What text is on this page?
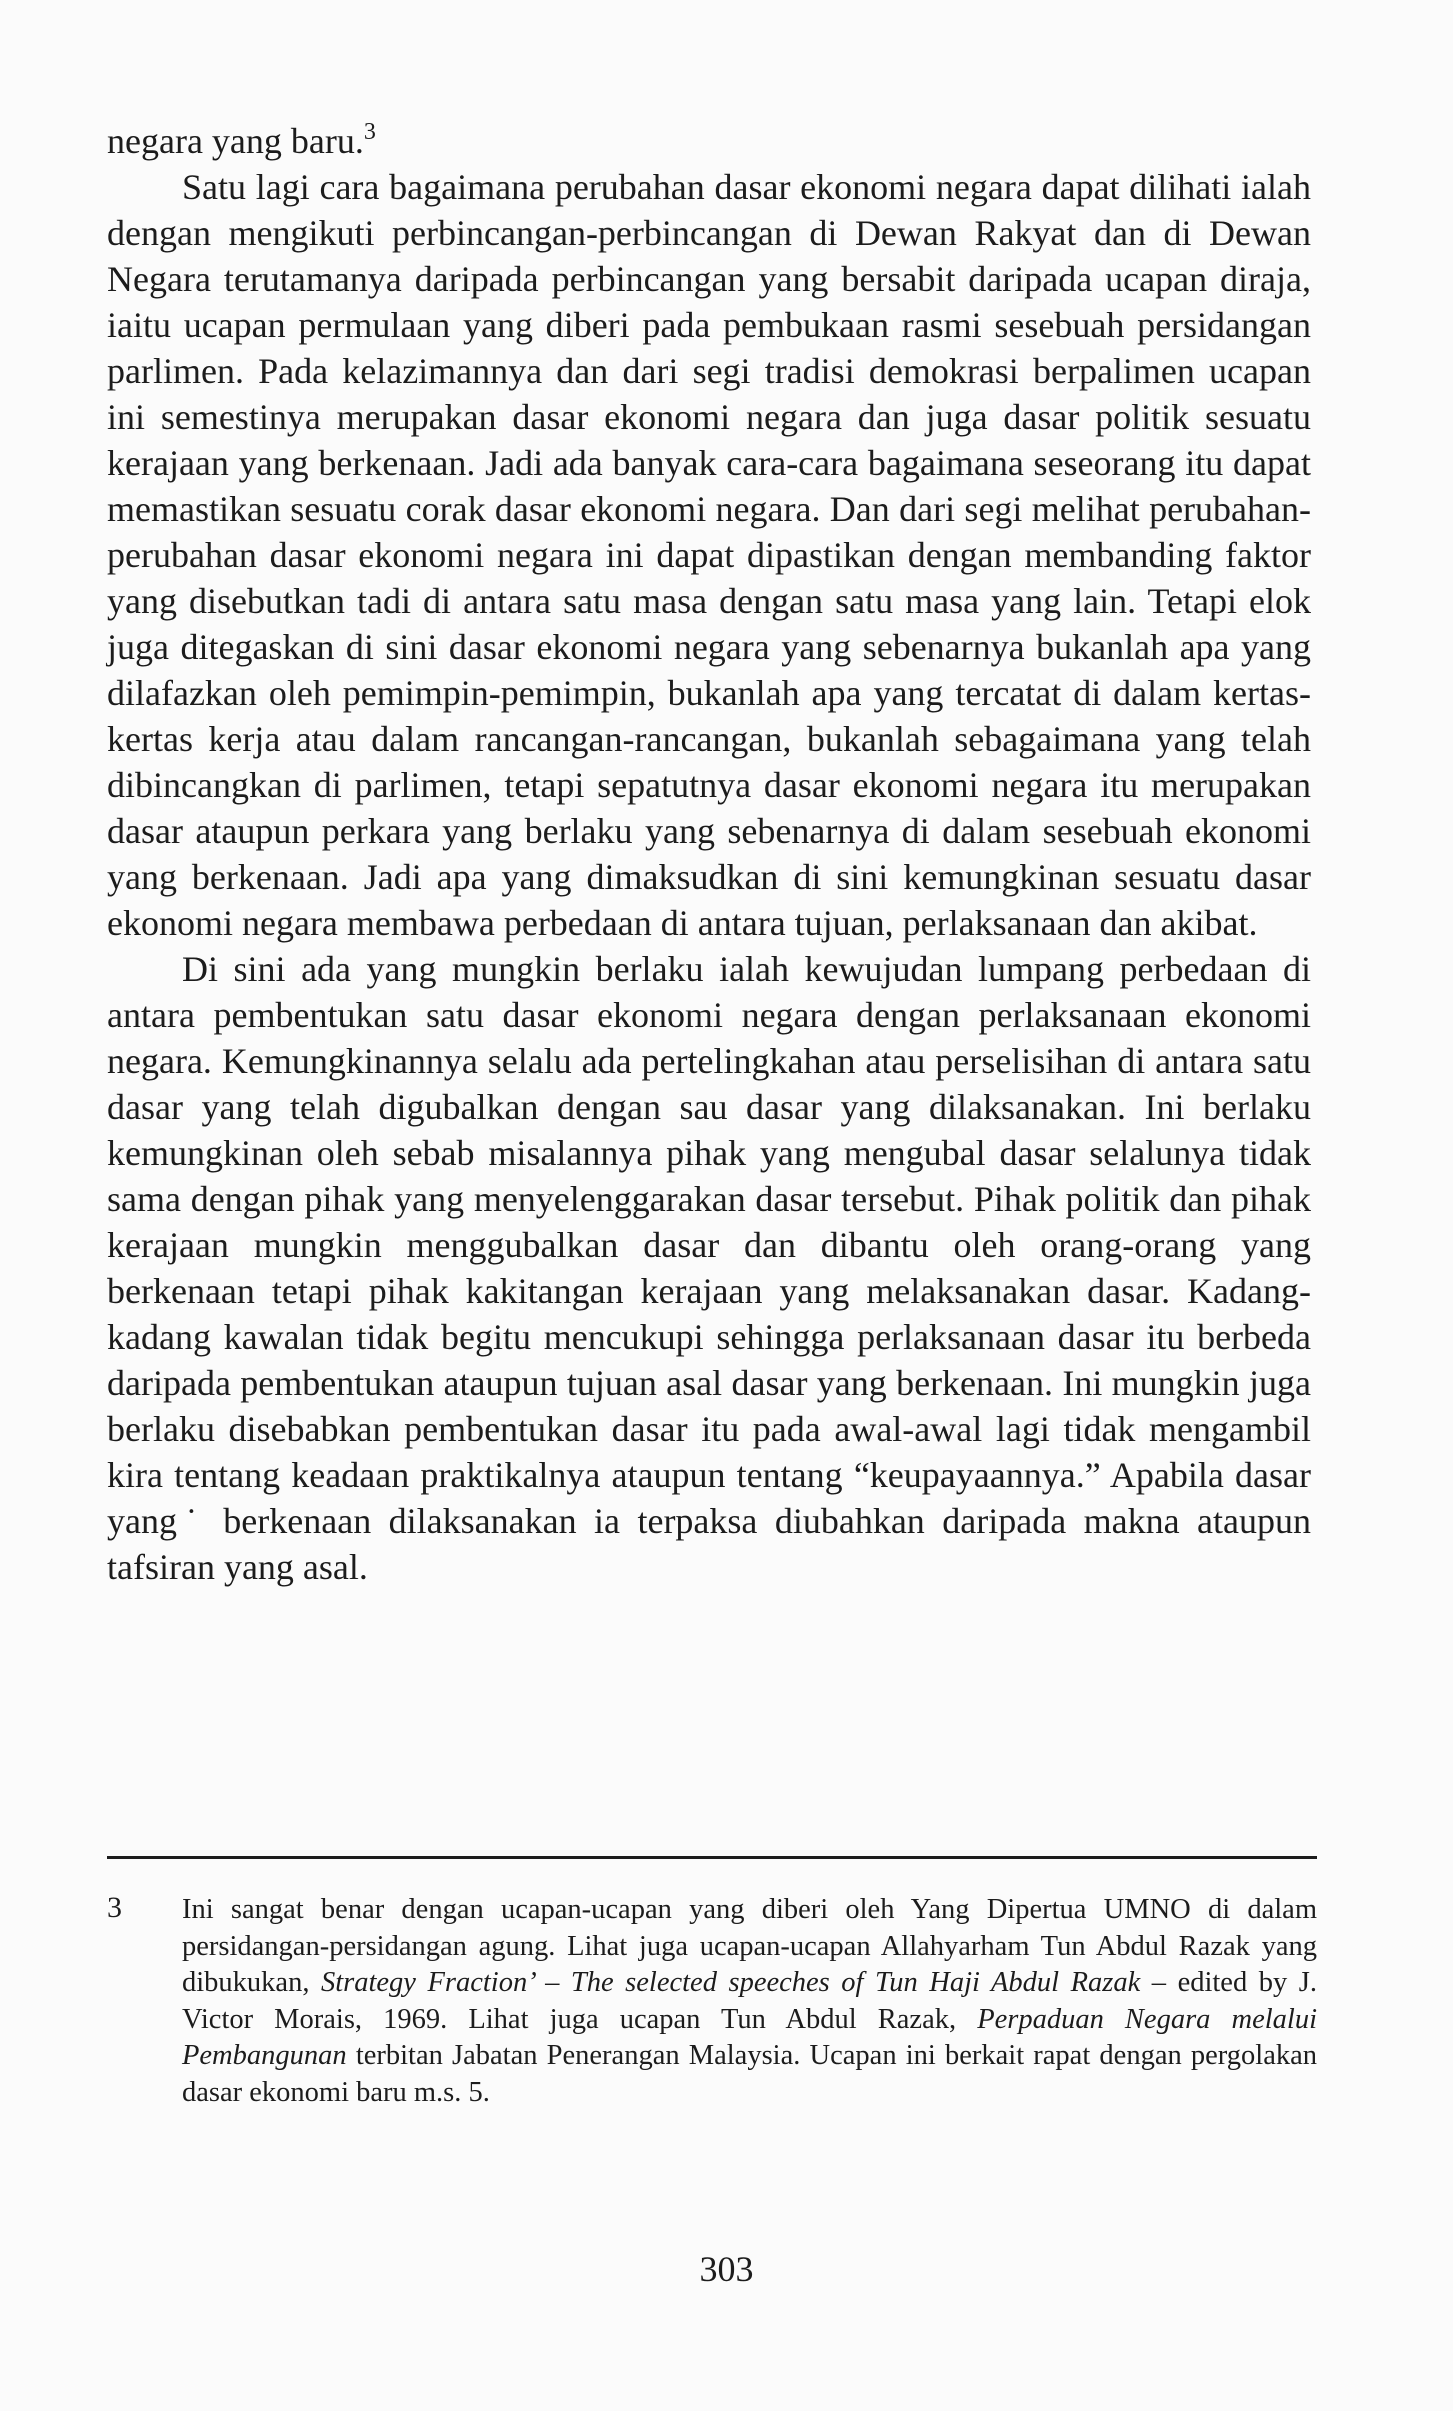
negara yang baru.$^3$

Satu lagi cara bagaimana perubahan dasar ekonomi negara dapat dilihati ialah dengan mengikuti perbincangan-perbincangan di Dewan Rakyat dan di Dewan Negara terutamanya daripada perbincangan yang bersabit daripada ucapan diraja, iaitu ucapan permulaan yang diberi pada pembukaan rasmi sesebuah persidangan parlimen. Pada kelazimannya dan dari segi tradisi demokrasi berpalimen ucapan ini semestinya merupakan dasar ekonomi negara dan juga dasar politik sesuatu kerajaan yang berkenaan. Jadi ada banyak cara-cara bagaimana seseorang itu dapat memastikan sesuatu corak dasar ekonomi negara. Dan dari segi melihat perubahan-perubahan dasar ekonomi negara ini dapat dipastikan dengan membanding faktor yang disebutkan tadi di antara satu masa dengan satu masa yang lain. Tetapi elok juga ditegaskan di sini dasar ekonomi negara yang sebenarnya bukanlah apa yang dilafazkan oleh pemimpin-pemimpin, bukanlah apa yang tercatat di dalam kertas-kertas kerja atau dalam rancangan-rancangan, bukanlah sebagaimana yang telah dibincangkan di parlimen, tetapi sepatutnya dasar ekonomi negara itu merupakan dasar ataupun perkara yang berlaku yang sebenarnya di dalam sesebuah ekonomi yang berkenaan. Jadi apa yang dimaksudkan di sini kemungkinan sesuatu dasar ekonomi negara membawa perbedaan di antara tujuan, perlaksanaan dan akibat.

Di sini ada yang mungkin berlaku ialah kewujudan lumpang perbedaan di antara pembentukan satu dasar ekonomi negara dengan perlaksanaan ekonomi negara. Kemungkinannya selalu ada pertelingkahan atau perselisihan di antara satu dasar yang telah digubalkan dengan sau dasar yang dilaksanakan. Ini berlaku kemungkinan oleh sebab misalannya pihak yang mengubal dasar selalunya tidak sama dengan pihak yang menyelenggarakan dasar tersebut. Pihak politik dan pihak kerajaan mungkin menggubalkan dasar dan dibantu oleh orang-orang yang berkenaan tetapi pihak kakitangan kerajaan yang melaksanakan dasar. Kadang-kadang kawalan tidak begitu mencukupi sehingga perlaksanaan dasar itu berbeda daripada pembentukan ataupun tujuan asal dasar yang berkenaan. Ini mungkin juga berlaku disebabkan pembentukan dasar itu pada awal-awal lagi tidak mengambil kira tentang keadaan praktikalnya ataupun tentang “keupayaannya.” Apabila dasar yang˙ berkenaan dilaksanakan ia terpaksa diubahkan daripada makna ataupun tafsiran yang asal.

3 Ini sangat benar dengan ucapan-ucapan yang diberi oleh Yang Dipertua UMNO di dalam persidangan-persidangan agung. Lihat juga ucapan-ucapan Allahyarham Tun Abdul Razak yang dibukukan, Strategy Fraction’ – The selected speeches of Tun Haji Abdul Razak – edited by J. Victor Morais, 1969. Lihat juga ucapan Tun Abdul Razak, Perpaduan Negara melalui Pembangunan terbitan Jabatan Penerangan Malaysia. Ucapan ini berkait rapat dengan pergolakan dasar ekonomi baru m.s. 5.
303
